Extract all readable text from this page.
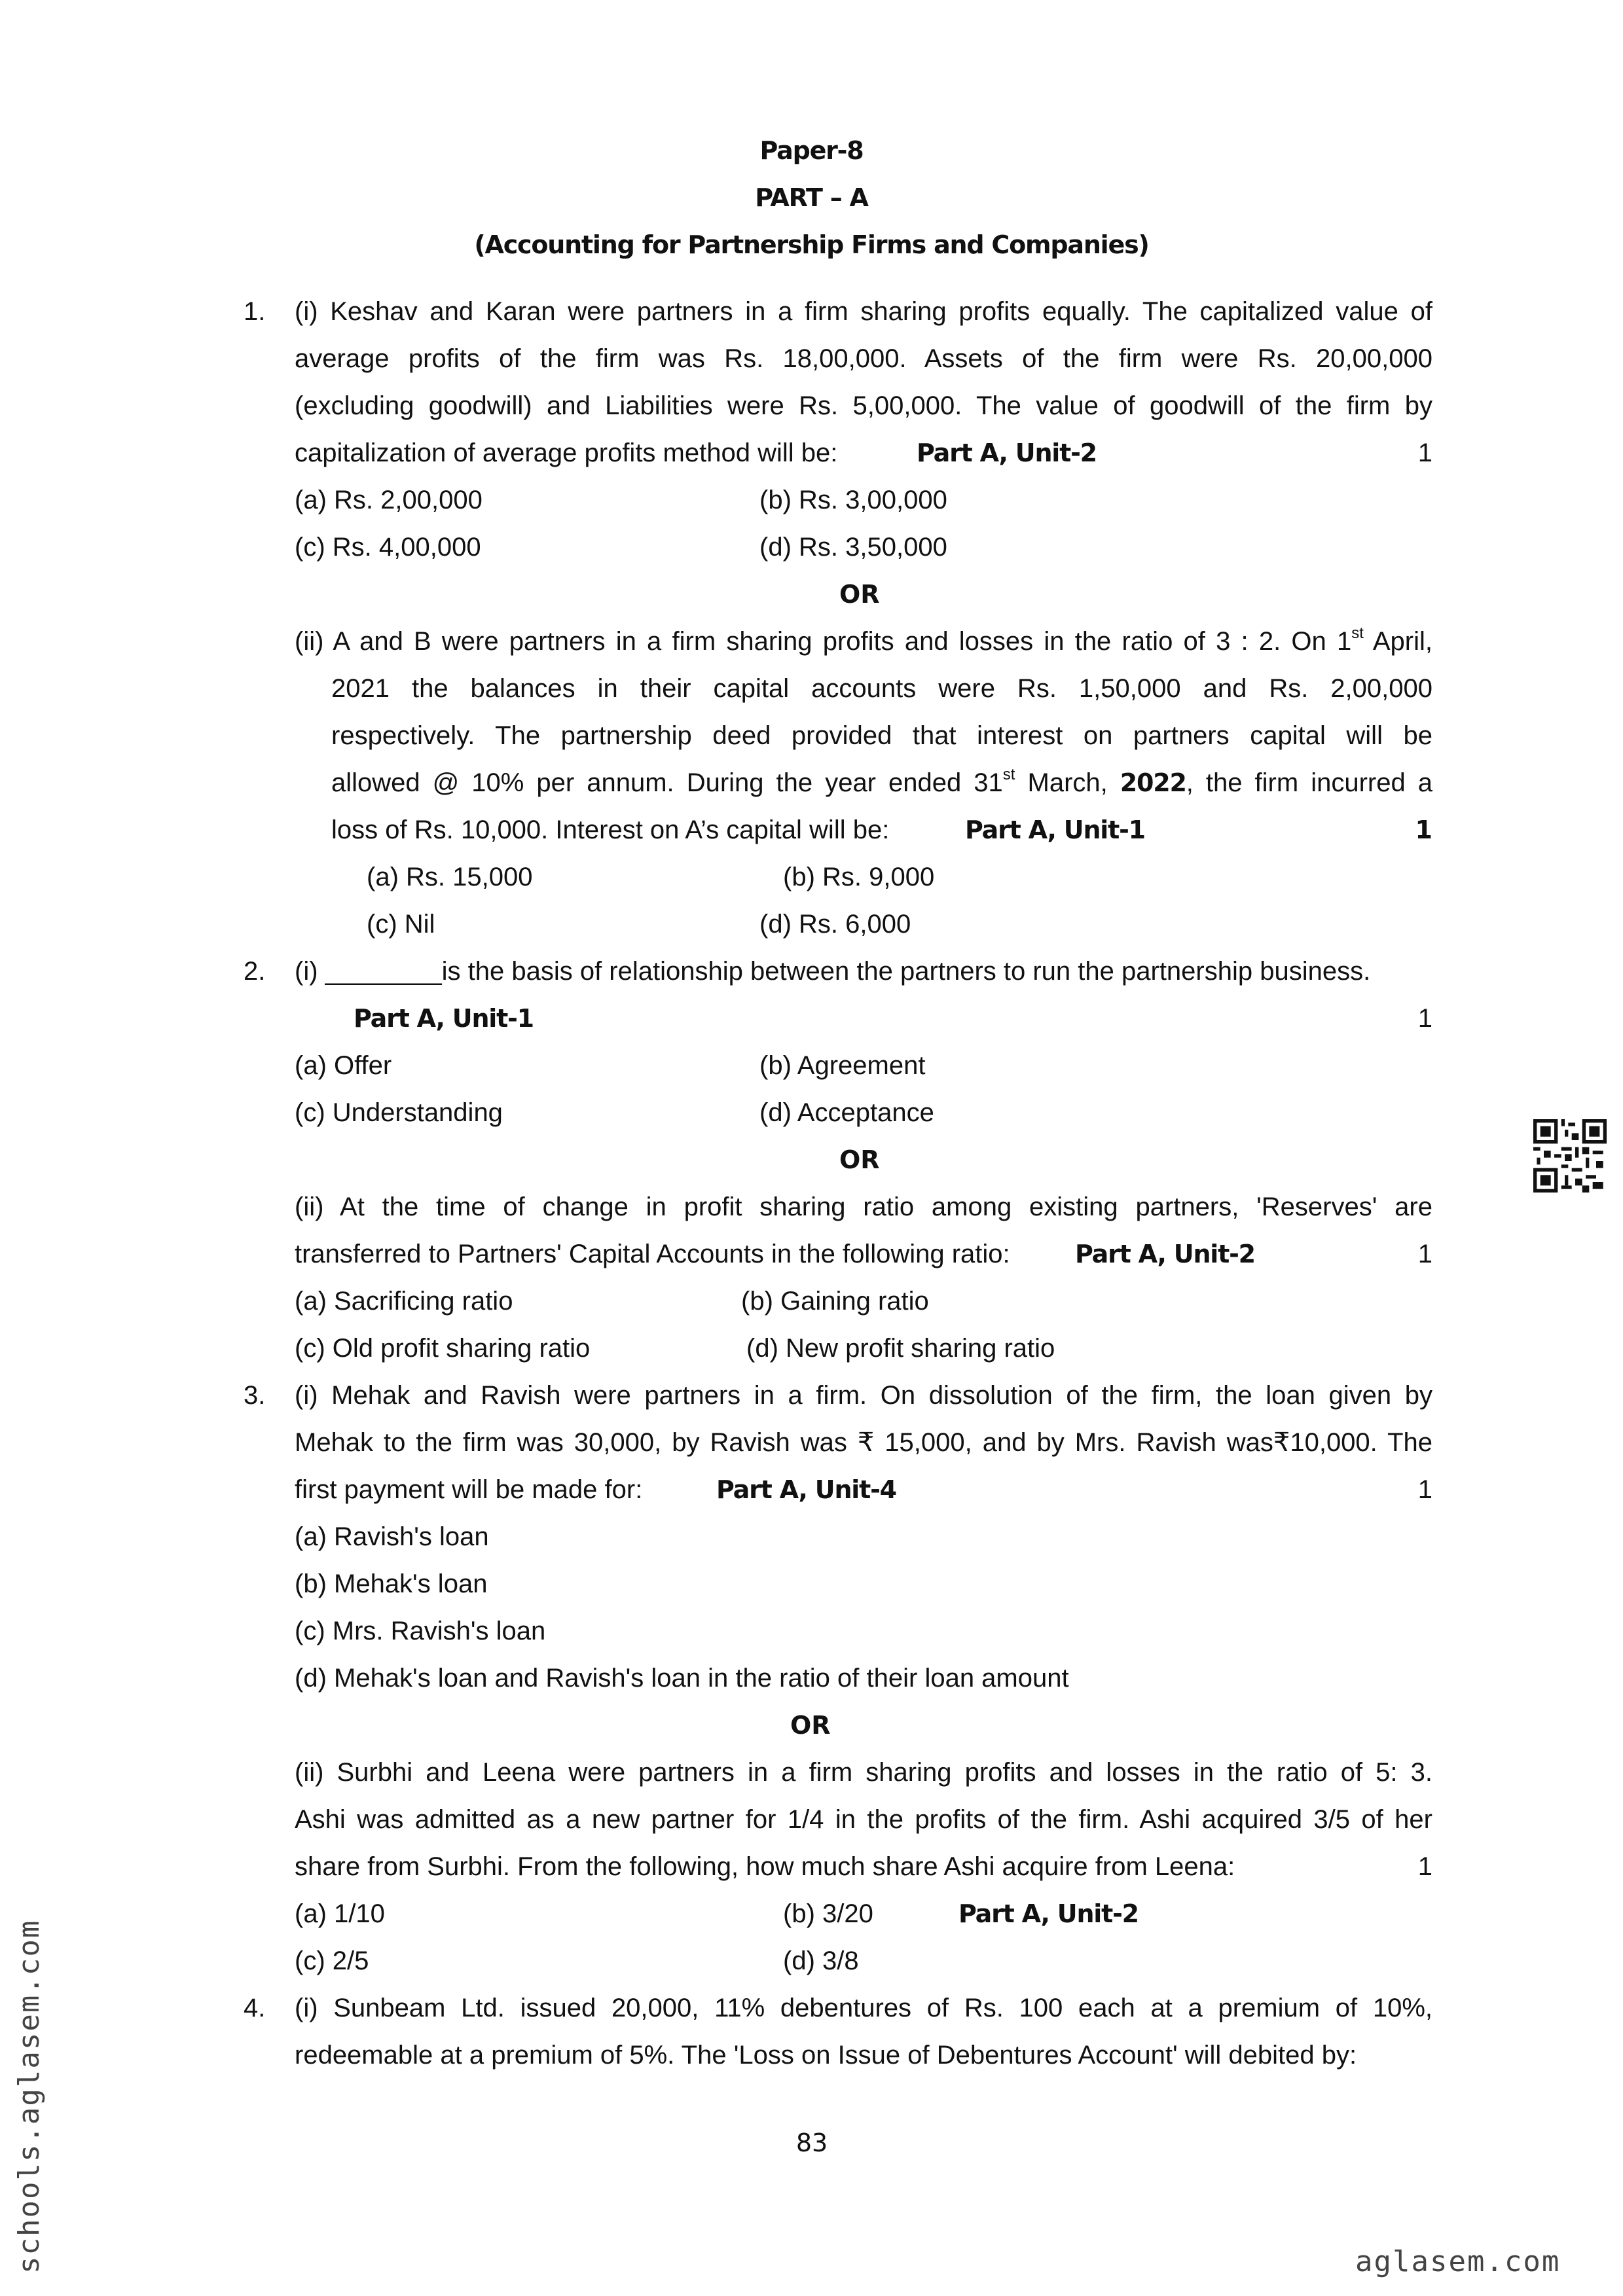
Paper-8
PART – A
(Accounting for Partnership Firms and Companies)
1. (i) Keshav and Karan were partners in a firm sharing profits equally. The capitalized value of
average profits of the firm was Rs. 18,00,000. Assets of the firm were Rs. 20,00,000
(excluding goodwill) and Liabilities were Rs. 5,00,000. The value of goodwill of the firm by
capitalization of average profits method will be:	Part A, Unit-2	1
(a) Rs. 2,00,000	(b) Rs. 3,00,000
(c) Rs. 4,00,000	(d) Rs. 3,50,000
OR
(ii) A and B were partners in a firm sharing profits and losses in the ratio of 3 : 2. On 1st April,
2021 the balances in their capital accounts were Rs. 1,50,000 and Rs. 2,00,000
respectively. The partnership deed provided that interest on partners capital will be
allowed @ 10% per annum. During the year ended 31st March, 2022, the firm incurred a
loss of Rs. 10,000. Interest on A’s capital will be:	Part A, Unit-1	1
(a) Rs. 15,000	(b) Rs. 9,000
(c) Nil	(d) Rs. 6,000
2. (i) ________is the basis of relationship between the partners to run the partnership business.
Part A, Unit-1	1
(a) Offer	(b) Agreement
(c) Understanding	(d) Acceptance
OR
(ii) At the time of change in profit sharing ratio among existing partners, 'Reserves' are
transferred to Partners' Capital Accounts in the following ratio:	Part A, Unit-2	1
(a) Sacrificing ratio	(b) Gaining ratio
(c) Old profit sharing ratio	(d) New profit sharing ratio
3. (i) Mehak and Ravish were partners in a firm. On dissolution of the firm, the loan given by
Mehak to the firm was 30,000, by Ravish was ₹ 15,000, and by Mrs. Ravish was₹10,000. The
first payment will be made for:	Part A, Unit-4	1
(a) Ravish's loan
(b) Mehak's loan
(c) Mrs. Ravish's loan
(d) Mehak's loan and Ravish's loan in the ratio of their loan amount
OR
(ii) Surbhi and Leena were partners in a firm sharing profits and losses in the ratio of 5: 3.
Ashi was admitted as a new partner for 1/4 in the profits of the firm. Ashi acquired 3/5 of her
share from Surbhi. From the following, how much share Ashi acquire from Leena:	1
(a) 1/10	(b) 3/20	Part A, Unit-2
(c) 2/5	(d) 3/8
4. (i) Sunbeam Ltd. issued 20,000, 11% debentures of Rs. 100 each at a premium of 10%,
redeemable at a premium of 5%. The 'Loss on Issue of Debentures Account' will debited by:
83
schools.aglasem.com	aglasem.com
